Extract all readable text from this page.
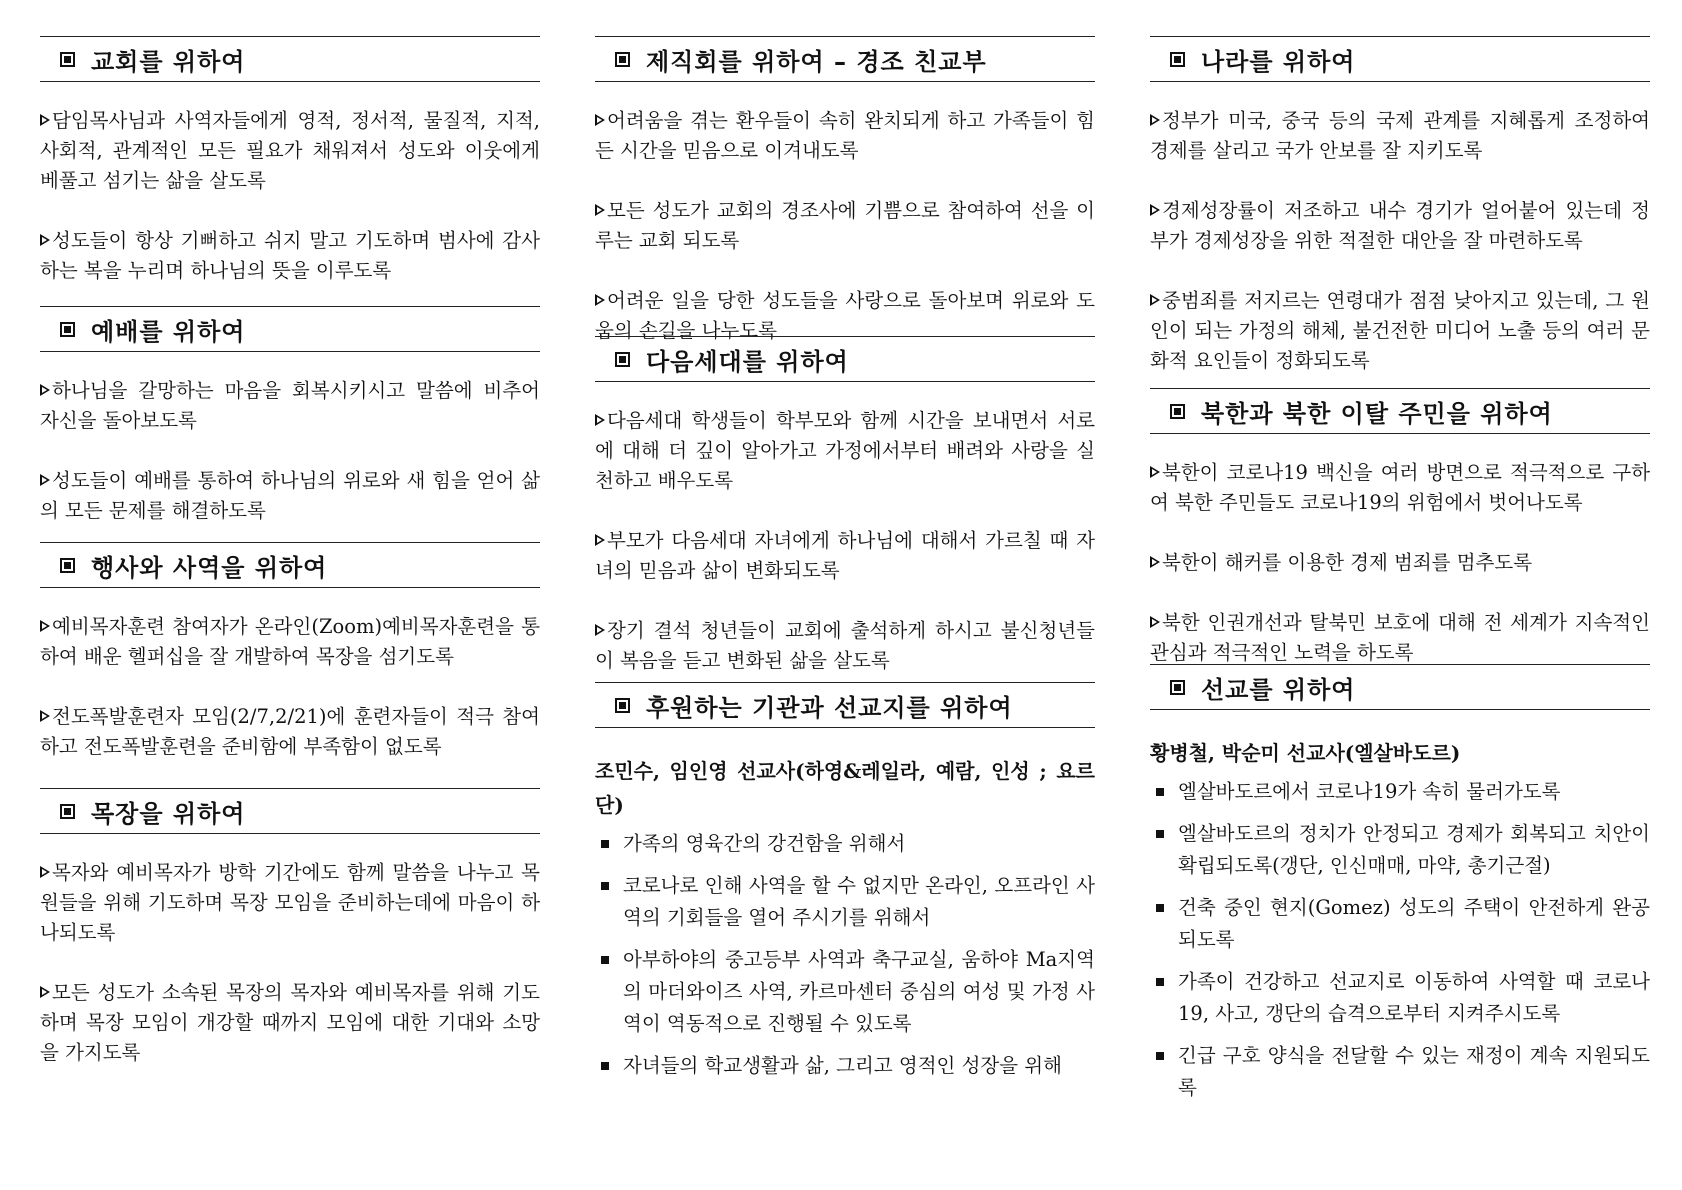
교회를 위하여

담임목사님과 사역자들에게 영적, 정서적, 물질적, 지적, 사회적, 관계적인 모든 필요가 채워져서 성도와 이웃에게 베풀고 섬기는 삶을 살도록

성도들이 항상 기뻐하고 쉬지 말고 기도하며 범사에 감사하는 복을 누리며 하나님의 뜻을 이루도록

예배를 위하여

하나님을 갈망하는 마음을 회복시키시고 말씀에 비추어 자신을 돌아보도록

성도들이 예배를 통하여 하나님의 위로와 새 힘을 얻어 삶의 모든 문제를 해결하도록

행사와 사역을 위하여

예비목자훈련 참여자가 온라인(Zoom)예비목자훈련을 통하여 배운 헬퍼십을 잘 개발하여 목장을 섬기도록

전도폭발훈련자 모임(2/7,2/21)에 훈련자들이 적극 참여하고 전도폭발훈련을 준비함에 부족함이 없도록

목장을 위하여

목자와 예비목자가 방학 기간에도 함께 말씀을 나누고 목원들을 위해 기도하며 목장 모임을 준비하는데에 마음이 하나되도록

모든 성도가 소속된 목장의 목자와 예비목자를 위해 기도하며 목장 모임이 개강할 때까지 모임에 대한 기대와 소망을 가지도록

제직회를 위하여 – 경조 친교부

어려움을 겪는 환우들이 속히 완치되게 하고 가족들이 힘든 시간을 믿음으로 이겨내도록

모든 성도가 교회의 경조사에 기쁨으로 참여하여 선을 이루는 교회 되도록

어려운 일을 당한 성도들을 사랑으로 돌아보며 위로와 도움의 손길을 나누도록

다음세대를 위하여

다음세대 학생들이 학부모와 함께 시간을 보내면서 서로에 대해 더 깊이 알아가고 가정에서부터 배려와 사랑을 실천하고 배우도록

부모가 다음세대 자녀에게 하나님에 대해서 가르칠 때 자녀의 믿음과 삶이 변화되도록

장기 결석 청년들이 교회에 출석하게 하시고 불신청년들이 복음을 듣고 변화된 삶을 살도록

후원하는 기관과 선교지를 위하여

조민수, 임인영 선교사(하영&레일라, 예람, 인성 ; 요르단)

가족의 영육간의 강건함을 위해서
코로나로 인해 사역을 할 수 없지만 온라인, 오프라인 사역의 기회들을 열어 주시기를 위해서
아부하야의 중고등부 사역과 축구교실, 움하야 Ma지역의 마더와이즈 사역, 카르마센터 중심의 여성 및 가정 사역이 역동적으로 진행될 수 있도록
자녀들의 학교생활과 삶, 그리고 영적인 성장을 위해
나라를 위하여

정부가 미국, 중국 등의 국제 관계를 지혜롭게 조정하여 경제를 살리고 국가 안보를 잘 지키도록

경제성장률이 저조하고 내수 경기가 얼어붙어 있는데 정부가 경제성장을 위한 적절한 대안을 잘 마련하도록

중범죄를 저지르는 연령대가 점점 낮아지고 있는데, 그 원인이 되는 가정의 해체, 불건전한 미디어 노출 등의 여러 문화적 요인들이 정화되도록

북한과 북한 이탈 주민을 위하여

북한이 코로나19 백신을 여러 방면으로 적극적으로 구하여 북한 주민들도 코로나19의 위험에서 벗어나도록

북한이 해커를 이용한 경제 범죄를 멈추도록

북한 인권개선과 탈북민 보호에 대해 전 세계가 지속적인 관심과 적극적인 노력을 하도록

선교를 위하여

황병철, 박순미 선교사(엘살바도르)

엘살바도르에서 코로나19가 속히 물러가도록
엘살바도르의 정치가 안정되고 경제가 회복되고 치안이 확립되도록(갱단, 인신매매, 마약, 총기근절)
건축 중인 현지(Gomez) 성도의 주택이 안전하게 완공되도록
가족이 건강하고 선교지로 이동하여 사역할 때 코로나19, 사고, 갱단의 습격으로부터 지켜주시도록
긴급 구호 양식을 전달할 수 있는 재정이 계속 지원되도록
